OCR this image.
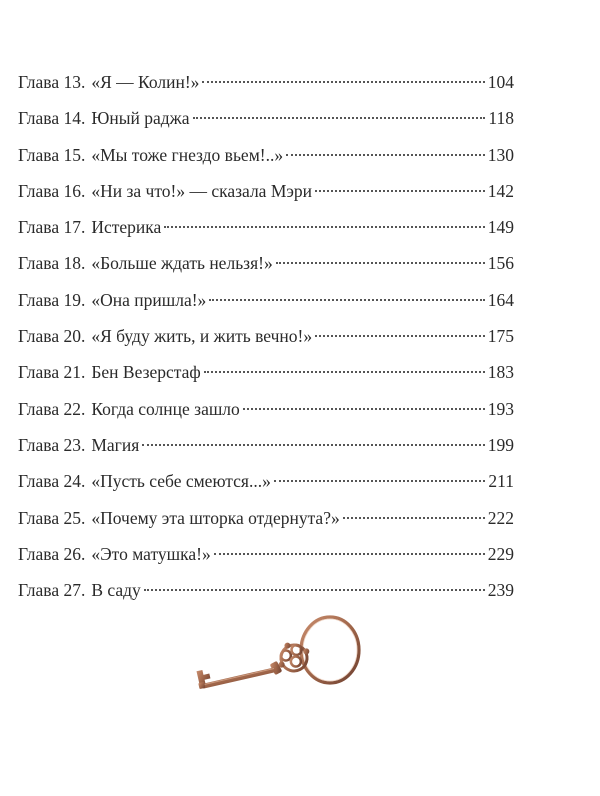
Глава 13. «Я — Колин!»	104
Глава 14. Юный раджа	118
Глава 15. «Мы тоже гнездо вьем!..»	130
Глава 16. «Ни за что!» — сказала Мэри	142
Глава 17. Истерика	149
Глава 18. «Больше ждать нельзя!»	156
Глава 19. «Она пришла!»	164
Глава 20. «Я буду жить, и жить вечно!»	175
Глава 21. Бен Везерстаф	183
Глава 22. Когда солнце зашло	193
Глава 23. Магия	199
Глава 24. «Пусть себе смеются...»	211
Глава 25. «Почему эта шторка отдернута?»	222
Глава 26. «Это матушка!»	229
Глава 27. В саду	239
